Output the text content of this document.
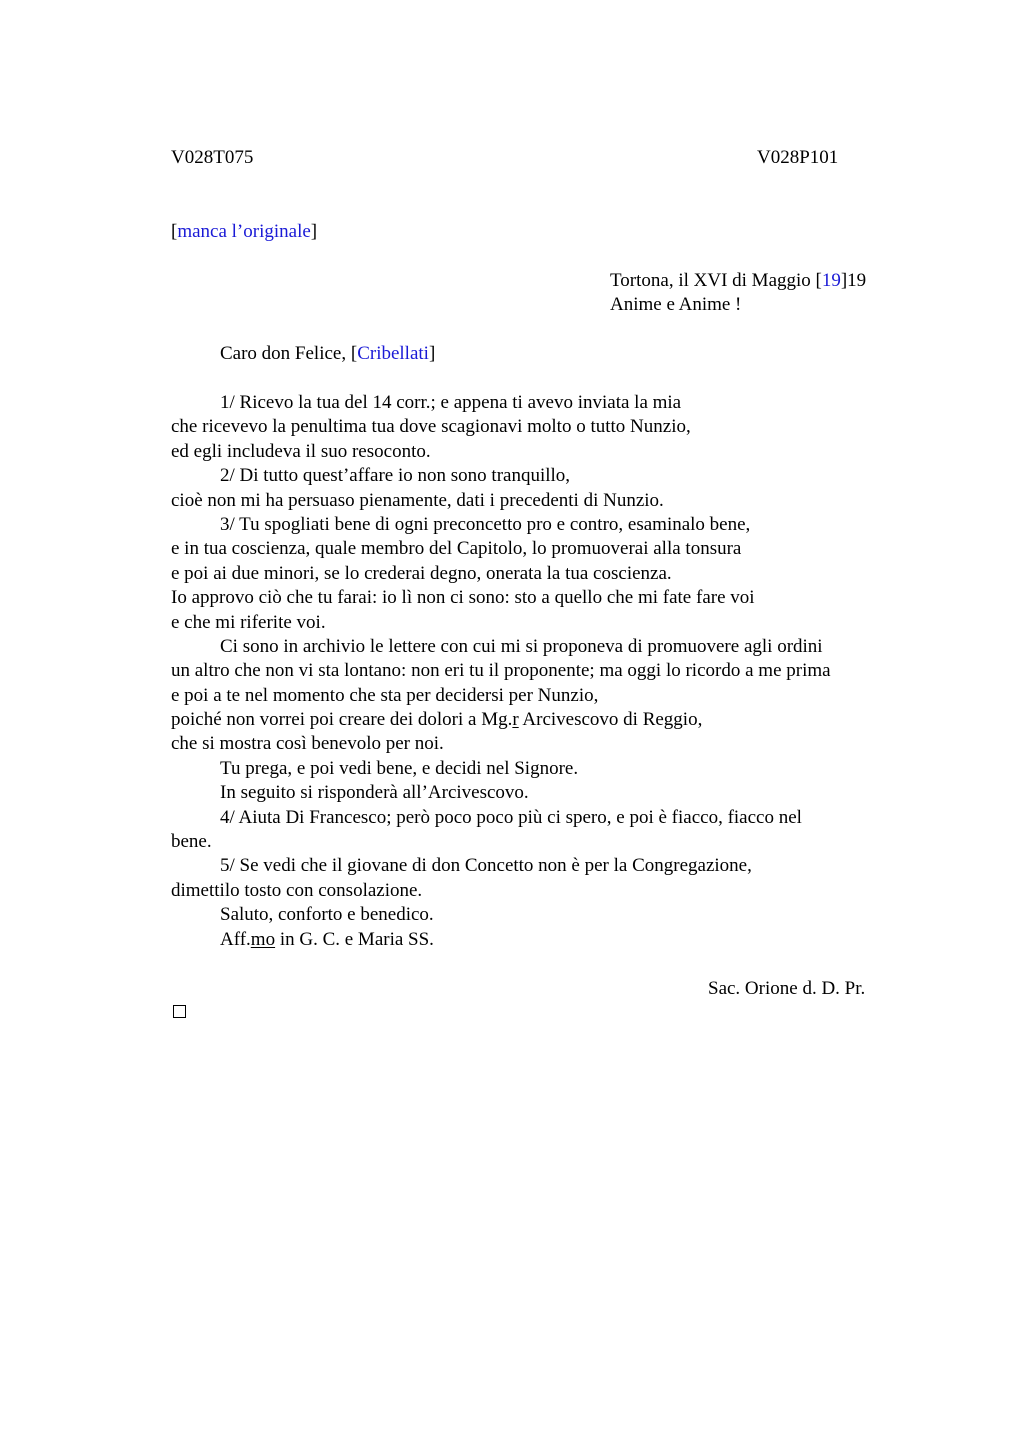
V028T075	V028P101
[manca l’originale]
Tortona, il XVI di Maggio [19]19
Anime e Anime !
Caro don Felice, [Cribellati]
1/ Ricevo la tua del 14 corr.; e appena ti avevo inviata la mia
che ricevevo la penultima tua dove scagionavi molto o tutto Nunzio,
ed egli includeva il suo resoconto.
2/ Di tutto quest’affare io non sono tranquillo,
cioè non mi ha persuaso pienamente, dati i precedenti di Nunzio.
3/ Tu spogliati bene di ogni preconcetto pro e contro, esaminalo bene,
e in tua coscienza, quale membro del Capitolo, lo promuoverai alla tonsura
e poi ai due minori, se lo crederai degno, onerata la tua coscienza.
Io approvo ciò che tu farai: io lì non ci sono: sto a quello che mi fate fare voi
e che mi riferite voi.
Ci sono in archivio le lettere con cui mi si proponeva di promuovere agli ordini
un altro che non vi sta lontano: non eri tu il proponente; ma oggi lo ricordo a me prima
e poi a te nel momento che sta per decidersi per Nunzio,
poiché non vorrei poi creare dei dolori a Mg.r Arcivescovo di Reggio,
che si mostra così benevolo per noi.
Tu prega, e poi vedi bene, e decidi nel Signore.
In seguito si risponderà all’Arcivescovo.
4/ Aiuta Di Francesco; però poco poco più ci spero, e poi è fiacco, fiacco nel
bene.
5/ Se vedi che il giovane di don Concetto non è per la Congregazione,
dimettilo tosto con consolazione.
Saluto, conforto e benedico.
Aff.mo in G. C. e Maria SS.
Sac. Orione d. D. Pr.
